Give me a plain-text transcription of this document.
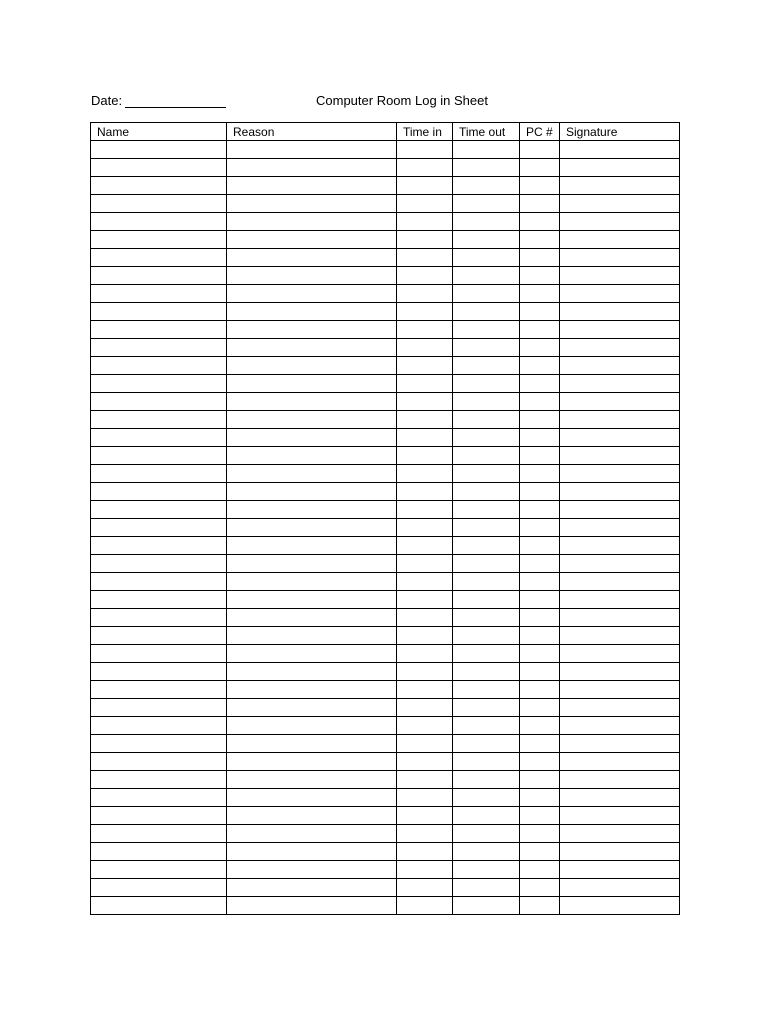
Date:	Computer Room Log in Sheet
Name	Reason	Time in	Time out	PC #	Signature
